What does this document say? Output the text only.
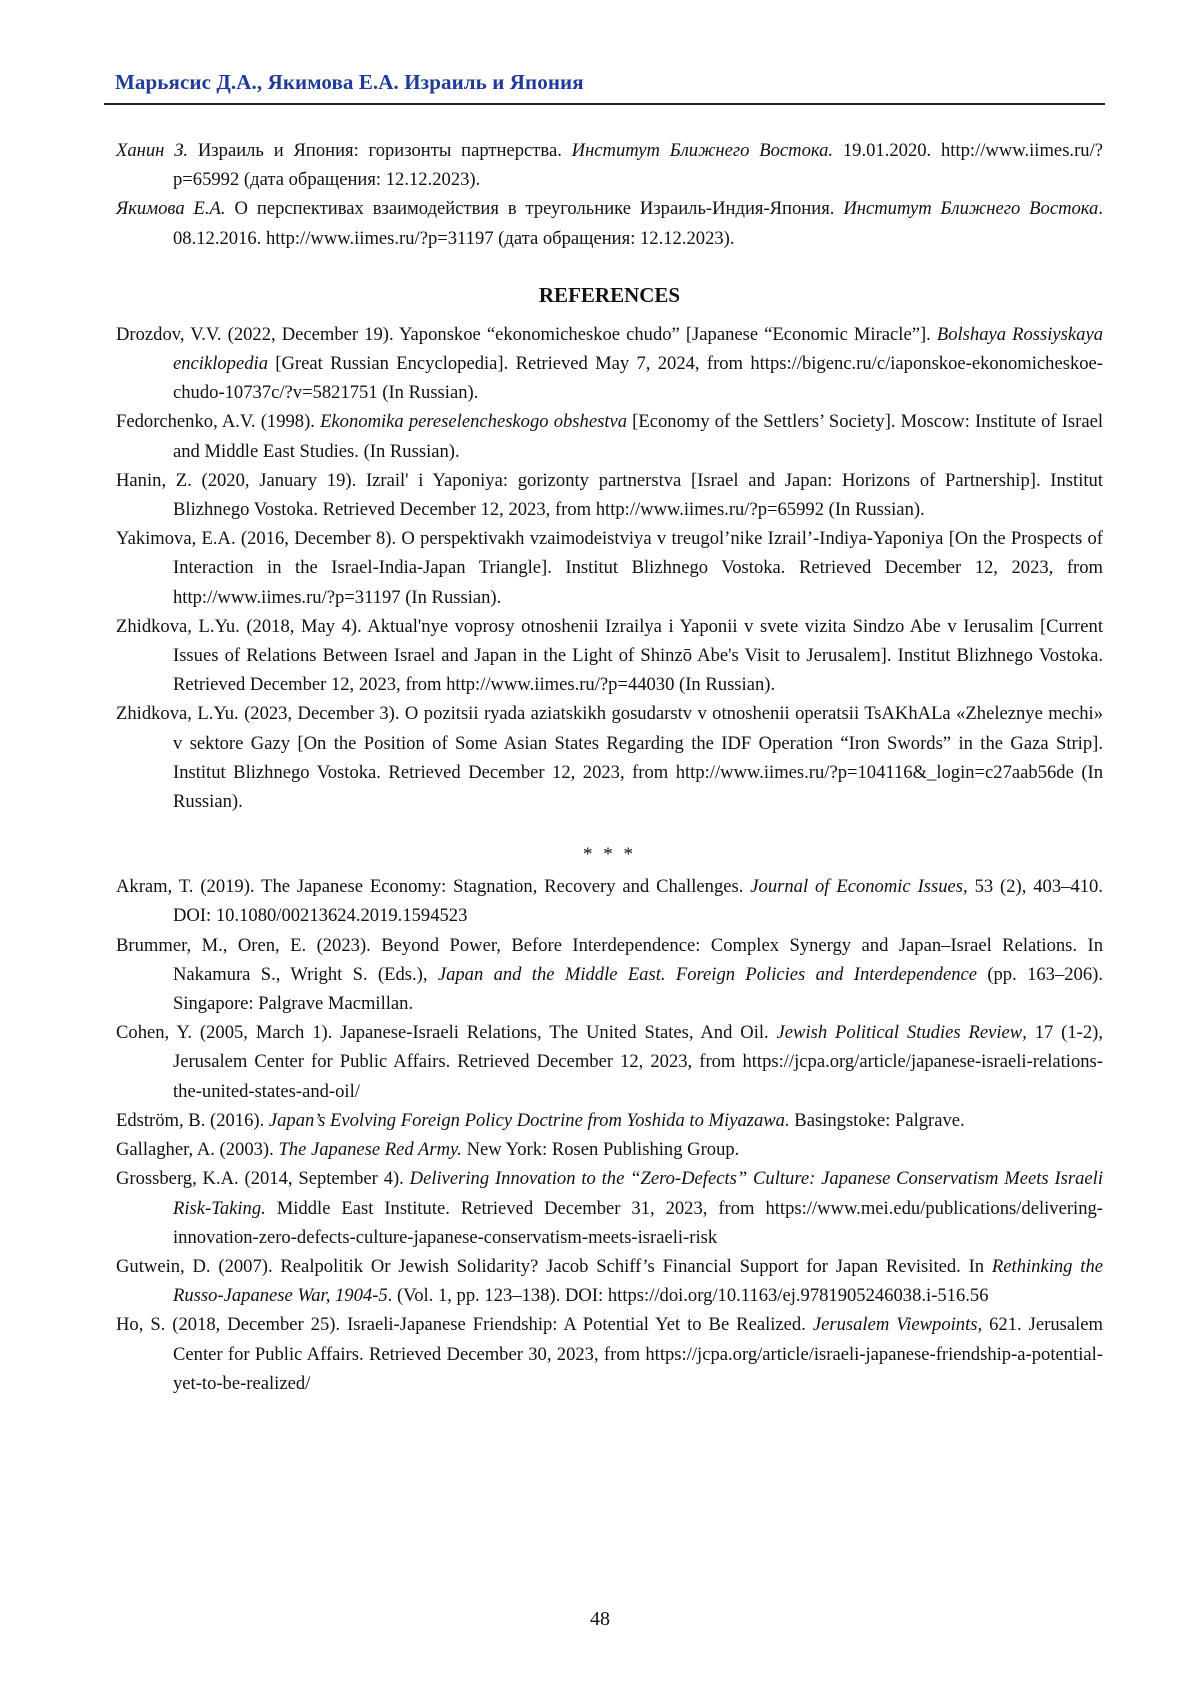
Марьясис Д.А., Якимова Е.А. Израиль и Япония

Ханин З. Израиль и Япония: горизонты партнерства. Институт Ближнего Востока. 19.01.2020. http://www.iimes.ru/?p=65992 (дата обращения: 12.12.2023).

Якимова Е.А. О перспективах взаимодействия в треугольнике Израиль-Индия-Япония. Институт Ближнего Востока. 08.12.2016. http://www.iimes.ru/?p=31197 (дата обращения: 12.12.2023).

REFERENCES

Drozdov, V.V. (2022, December 19). Yaponskoe “ekonomicheskoe chudo” [Japanese “Economic Miracle”]. Bolshaya Rossiyskaya enciklopedia [Great Russian Encyclopedia]. Retrieved May 7, 2024, from https://bigenc.ru/c/iaponskoe-ekonomicheskoe-chudo-10737c/?v=5821751 (In Russian).

Fedorchenko, A.V. (1998). Ekonomika pereselencheskogo obshestva [Economy of the Settlers’ Society]. Moscow: Institute of Israel and Middle East Studies. (In Russian).

Hanin, Z. (2020, January 19). Izrail' i Yaponiya: gorizonty partnerstva [Israel and Japan: Horizons of Partnership]. Institut Blizhnego Vostoka. Retrieved December 12, 2023, from http://www.iimes.ru/?p=65992 (In Russian).

Yakimova, E.A. (2016, December 8). O perspektivakh vzaimodeistviya v treugol’nike Izrail’-Indiya-Yaponiya [On the Prospects of Interaction in the Israel-India-Japan Triangle]. Institut Blizhnego Vostoka. Retrieved December 12, 2023, from http://www.iimes.ru/?p=31197 (In Russian).

Zhidkova, L.Yu. (2018, May 4). Aktual'nye voprosy otnoshenii Izrailya i Yaponii v svete vizita Sindzo Abe v Ierusalim [Current Issues of Relations Between Israel and Japan in the Light of Shinzō Abe's Visit to Jerusalem]. Institut Blizhnego Vostoka. Retrieved December 12, 2023, from http://www.iimes.ru/?p=44030 (In Russian).

Zhidkova, L.Yu. (2023, December 3). O pozitsii ryada aziatskikh gosudarstv v otnoshenii operatsii TsAKhALa «Zheleznye mechi» v sektore Gazy [On the Position of Some Asian States Regarding the IDF Operation “Iron Swords” in the Gaza Strip]. Institut Blizhnego Vostoka. Retrieved December 12, 2023, from http://www.iimes.ru/?p=104116&_login=c27aab56de (In Russian).

* * *

Akram, T. (2019). The Japanese Economy: Stagnation, Recovery and Challenges. Journal of Economic Issues, 53 (2), 403–410. DOI: 10.1080/00213624.2019.1594523

Brummer, M., Oren, E. (2023). Beyond Power, Before Interdependence: Complex Synergy and Japan–Israel Relations. In Nakamura S., Wright S. (Eds.), Japan and the Middle East. Foreign Policies and Interdependence (pp. 163–206). Singapore: Palgrave Macmillan.

Cohen, Y. (2005, March 1). Japanese-Israeli Relations, The United States, And Oil. Jewish Political Studies Review, 17 (1-2), Jerusalem Center for Public Affairs. Retrieved December 12, 2023, from https://jcpa.org/article/japanese-israeli-relations-the-united-states-and-oil/

Edström, B. (2016). Japan’s Evolving Foreign Policy Doctrine from Yoshida to Miyazawa. Basingstoke: Palgrave.

Gallagher, A. (2003). The Japanese Red Army. New York: Rosen Publishing Group.

Grossberg, K.A. (2014, September 4). Delivering Innovation to the “Zero-Defects” Culture: Japanese Conservatism Meets Israeli Risk-Taking. Middle East Institute. Retrieved December 31, 2023, from https://www.mei.edu/publications/delivering-innovation-zero-defects-culture-japanese-conservatism-meets-israeli-risk

Gutwein, D. (2007). Realpolitik Or Jewish Solidarity? Jacob Schiff’s Financial Support for Japan Revisited. In Rethinking the Russo-Japanese War, 1904-5. (Vol. 1, pp. 123–138). DOI: https://doi.org/10.1163/ej.9781905246038.i-516.56

Ho, S. (2018, December 25). Israeli-Japanese Friendship: A Potential Yet to Be Realized. Jerusalem Viewpoints, 621. Jerusalem Center for Public Affairs. Retrieved December 30, 2023, from https://jcpa.org/article/israeli-japanese-friendship-a-potential-yet-to-be-realized/

48
